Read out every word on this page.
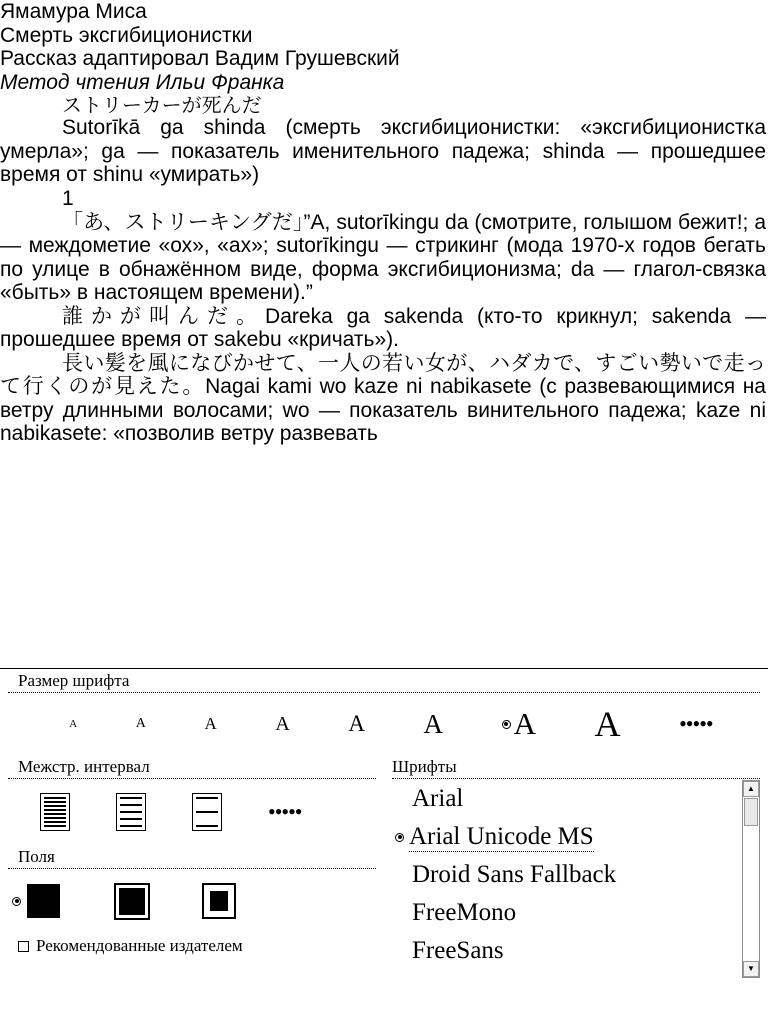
Ямамура Миса

Смерть эксгибиционистки

Рассказ адаптировал Вадим Грушевский

Метод чтения Ильи Франка

ストリーカーが死んだ

Sutorīkā ga shinda (смерть эксгибиционистки: «эксгибиционистка умерла»; ga — показатель именительного падежа; shinda — прошедшее время от shinu «умирать»)

1

「あ、ストリーキングだ」”A, sutorīkingu da (смотрите, голышом бежит!; a — междометие «ох», «ах»; sutorīkingu — стрикинг (мода 1970-х годов бегать по улице в обнажённом виде, форма эксгибиционизма; da — глагол-связка «быть» в настоящем времени).”

誰かが叫んだ。Dareka ga sakenda (кто-то крикнул; sakenda — прошедшее время от sakebu «кричать»).

長い髪を風になびかせて、一人の若い女が、ハダカで、すごい勢いで走って行くのが見えた。Nagai kami wo kaze ni nabikasete (с развевающимися на ветру длинными волосами; wo — показатель винительного падежа; kaze ni nabikasete: «позволив ветру развевать

Размер шрифта
A	A	A	A	A A A A	•••••
Межстр. интервал
•••••
Поля
Рекомендованные издателем
Шрифты
Arial
Arial Unicode MS
Droid Sans Fallback
FreeMono
FreeSans
▲
▼
